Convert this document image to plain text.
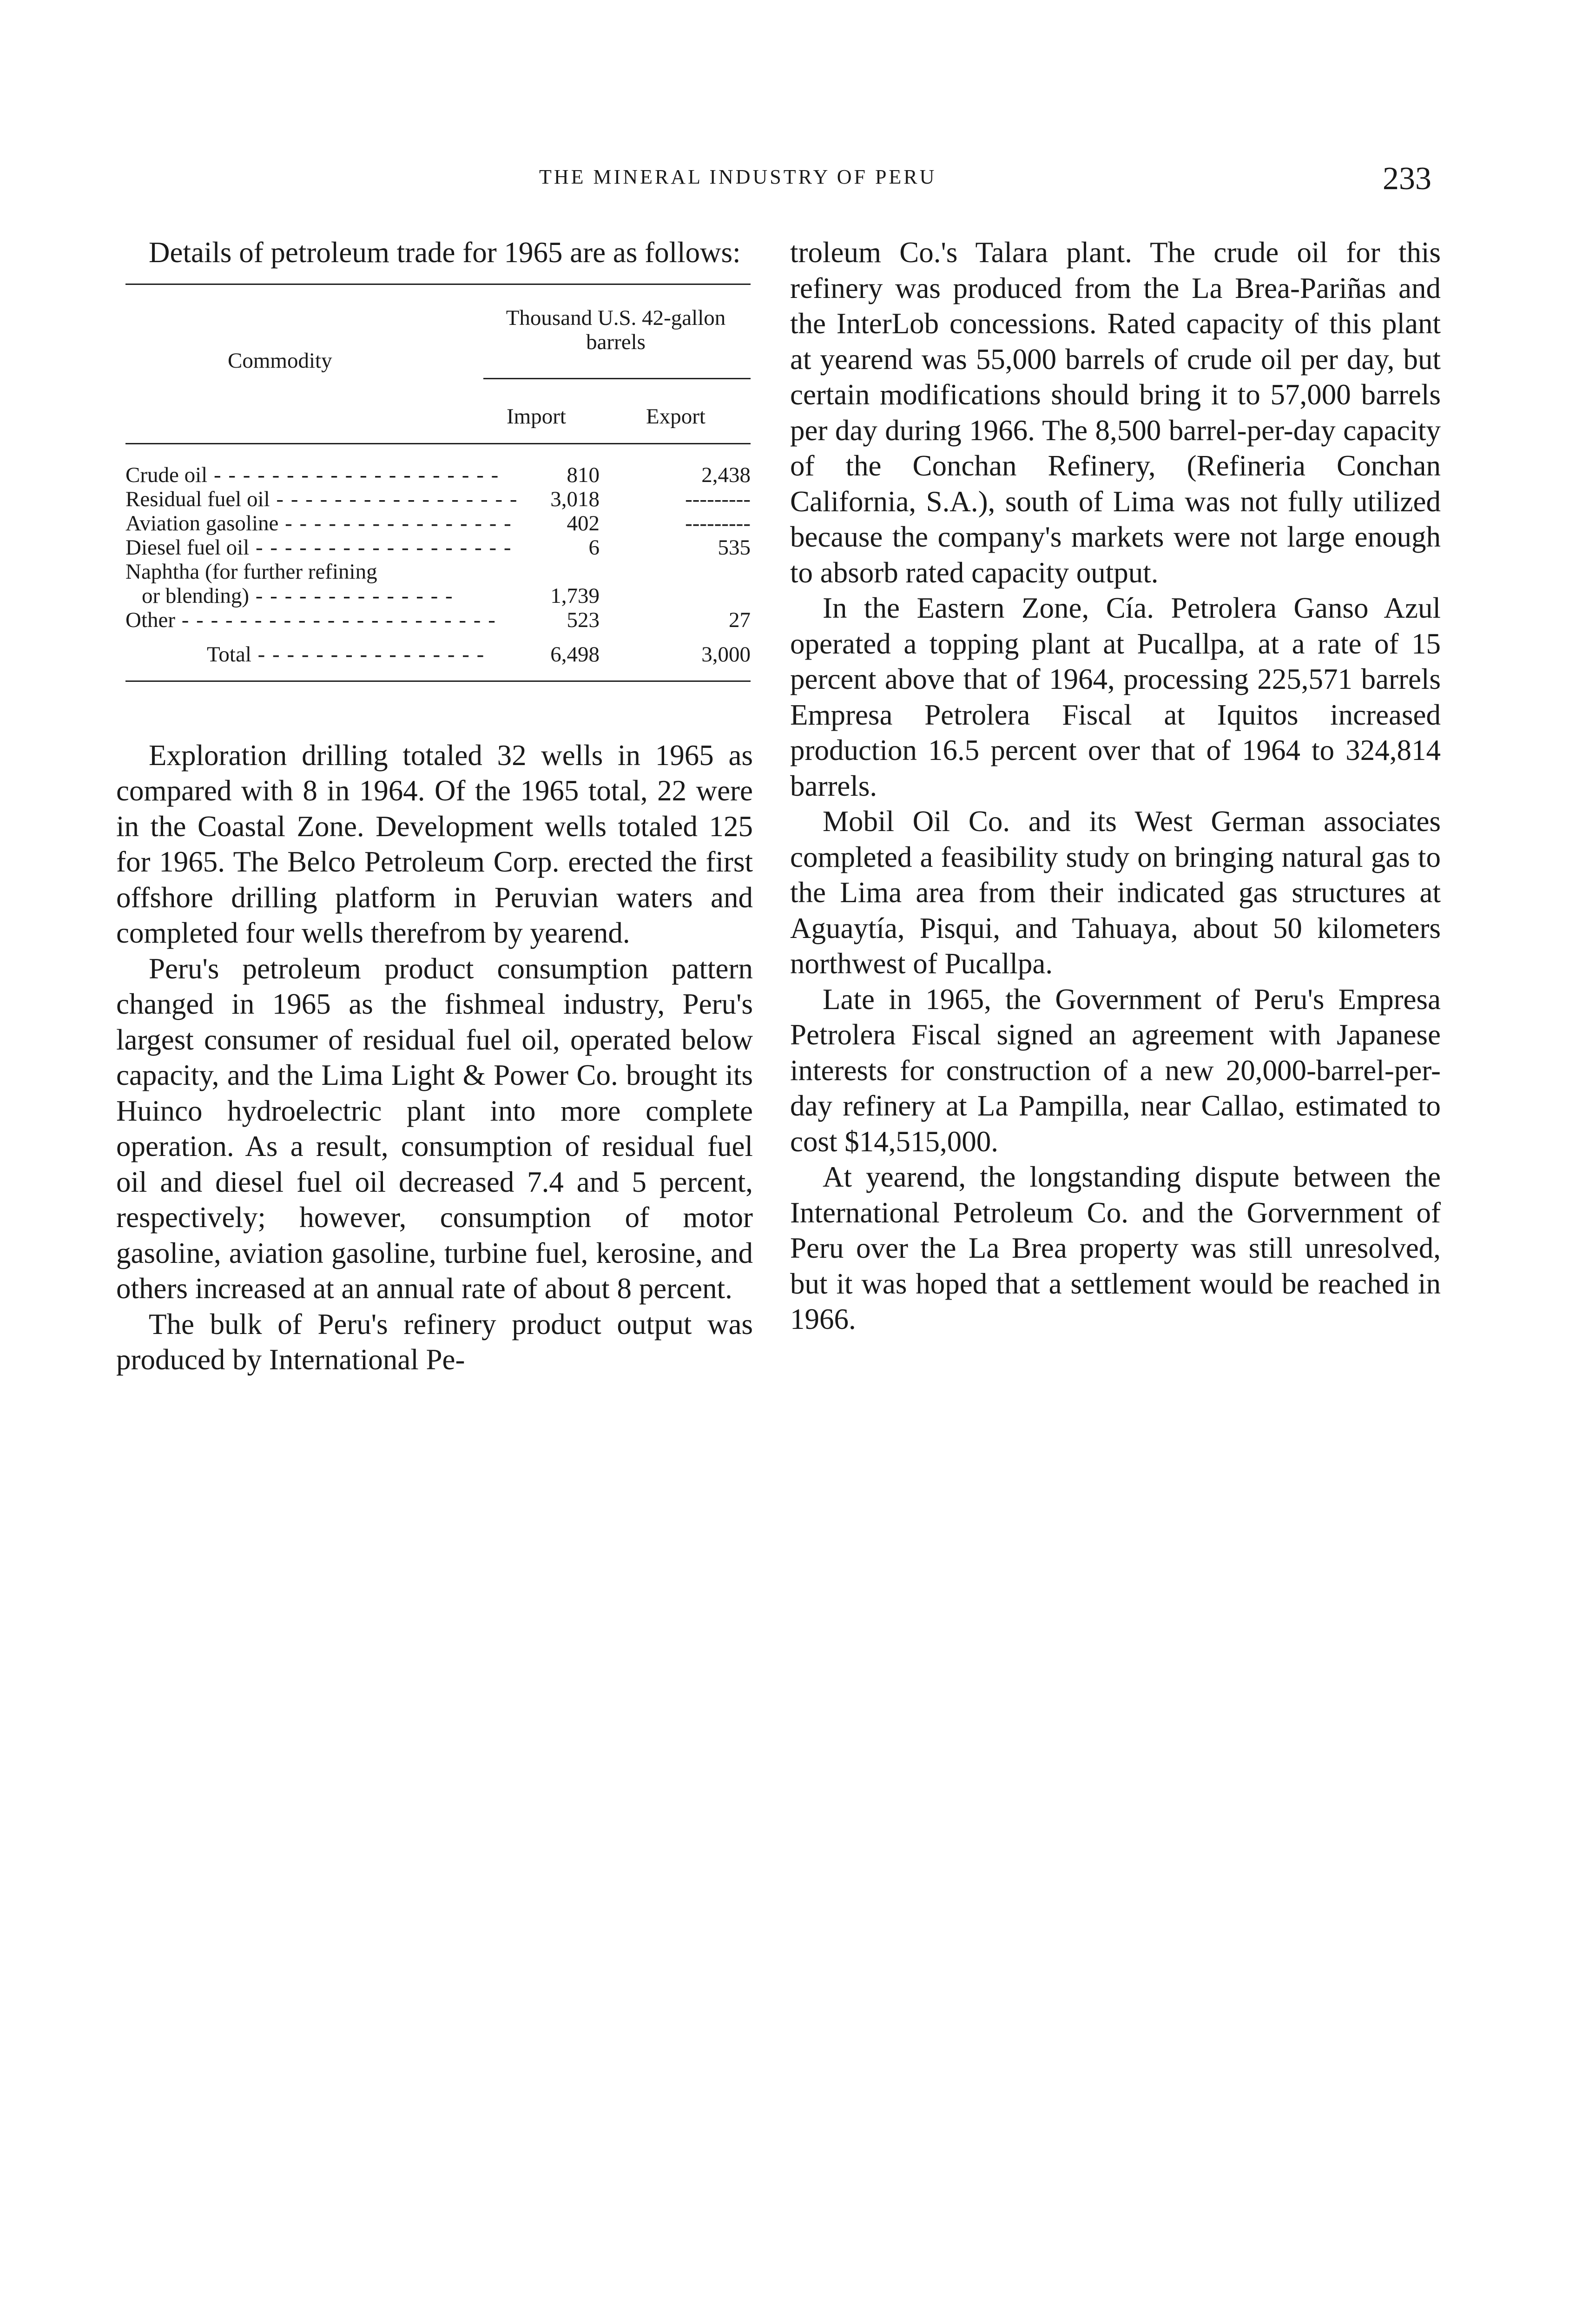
THE MINERAL INDUSTRY OF PERU	233

Details of petroleum trade for 1965 are as follows:

Commodity
Thousand U.S. 42-gallon barrels
Import	Export
Crude oil - - - - - - - - - - - - - - - - - - - -	810	2,438
Residual fuel oil - - - - - - - - - - - - - - - - -	3,018	---------
Aviation gasoline - - - - - - - - - - - - - - - -	402	---------
Diesel fuel oil - - - - - - - - - - - - - - - - - -	6	535
Naphtha (for further refining
or blending) - - - - - - - - - - - - - -	1,739
Other - - - - - - - - - - - - - - - - - - - - - -	523	27
Total - - - - - - - - - - - - - - - -	6,498	3,000

Exploration drilling totaled 32 wells in 1965 as compared with 8 in 1964. Of the 1965 total, 22 were in the Coastal Zone. Development wells totaled 125 for 1965. The Belco Petroleum Corp. erected the first offshore drilling platform in Peruvian waters and completed four wells therefrom by yearend.

Peru's petroleum product consumption pattern changed in 1965 as the fishmeal industry, Peru's largest consumer of residual fuel oil, operated below capacity, and the Lima Light & Power Co. brought its Huinco hydroelectric plant into more complete operation. As a result, consumption of residual fuel oil and diesel fuel oil decreased 7.4 and 5 percent, respectively; however, consumption of motor gasoline, aviation gasoline, turbine fuel, kerosine, and others increased at an annual rate of about 8 percent.

The bulk of Peru's refinery product output was produced by International Pe-

troleum Co.'s Talara plant. The crude oil for this refinery was produced from the La Brea-Pariñas and the InterLob concessions. Rated capacity of this plant at yearend was 55,000 barrels of crude oil per day, but certain modifications should bring it to 57,000 barrels per day during 1966. The 8,500 barrel-per-day capacity of the Conchan Refinery, (Refineria Conchan California, S.A.), south of Lima was not fully utilized because the company's markets were not large enough to absorb rated capacity output.

In the Eastern Zone, Cía. Petrolera Ganso Azul operated a topping plant at Pucallpa, at a rate of 15 percent above that of 1964, processing 225,571 barrels Empresa Petrolera Fiscal at Iquitos increased production 16.5 percent over that of 1964 to 324,814 barrels.

Mobil Oil Co. and its West German associates completed a feasibility study on bringing natural gas to the Lima area from their indicated gas structures at Aguaytía, Pisqui, and Tahuaya, about 50 kilometers northwest of Pucallpa.

Late in 1965, the Government of Peru's Empresa Petrolera Fiscal signed an agreement with Japanese interests for construction of a new 20,000-barrel-per-day refinery at La Pampilla, near Callao, estimated to cost $14,515,000.

At yearend, the longstanding dispute between the International Petroleum Co. and the Gorvernment of Peru over the La Brea property was still unresolved, but it was hoped that a settlement would be reached in 1966.
